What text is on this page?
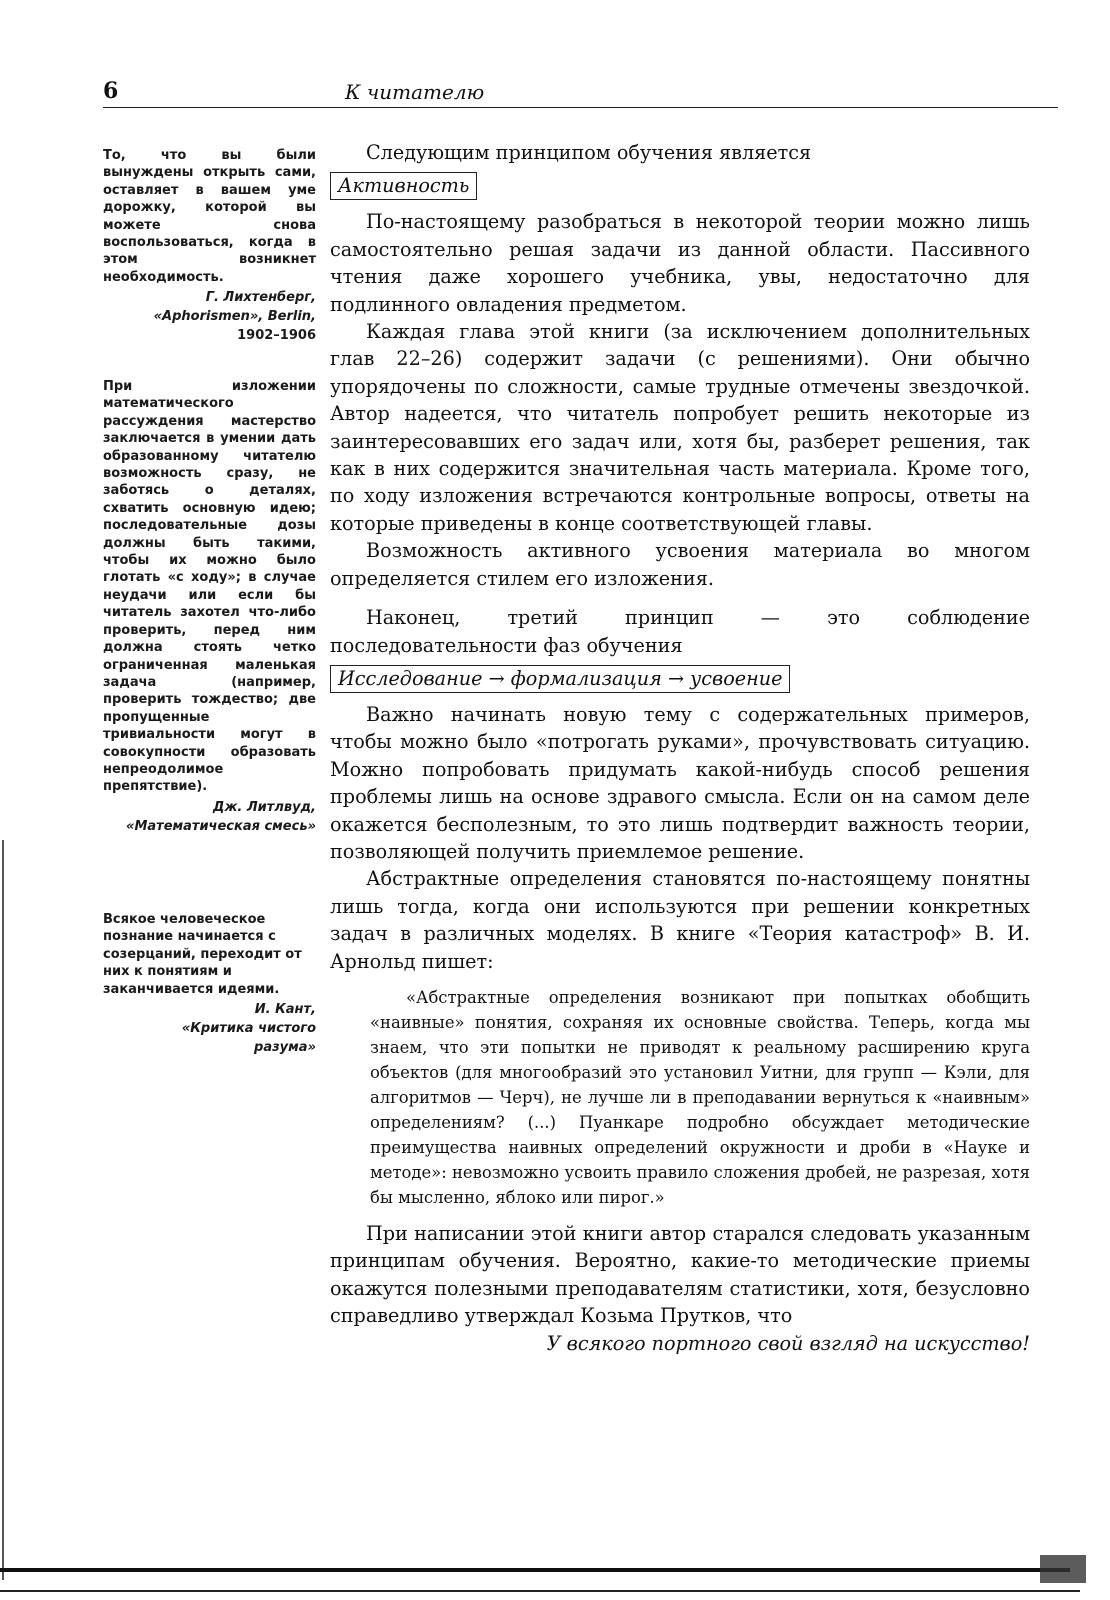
6	К читателю

То, что вы были вынуждены открыть сами, оставляет в вашем уме дорожку, которой вы можете снова воспользоваться, когда в этом возникнет необходимость.

Г. Лихтенберг,
«Aphorismen», Berlin,
1902–1906

При изложении математического рассуждения мастерство заключается в умении дать образованному читателю возможность сразу, не заботясь о деталях, схватить основную идею; последовательные дозы должны быть такими, чтобы их можно было глотать «с ходу»; в случае неудачи или если бы читатель захотел что-либо проверить, перед ним должна стоять четко ограниченная маленькая задача (например, проверить тождество; две пропущенные тривиальности могут в совокупности образовать непреодолимое препятствие).

Дж. Литлвуд,
«Математическая смесь»

Всякое человеческое познание начинается с созерцаний, переходит от них к понятиям и заканчивается идеями.

И. Кант,
«Критика чистого
разума»

Следующим принципом обучения является

Активность

По-настоящему разобраться в некоторой теории можно лишь самостоятельно решая задачи из данной области. Пассивного чтения даже хорошего учебника, увы, недостаточно для подлинного овладения предметом.

Каждая глава этой книги (за исключением дополнительных глав 22–26) содержит задачи (с решениями). Они обычно упорядочены по сложности, самые трудные отмечены звездочкой. Автор надеется, что читатель попробует решить некоторые из заинтересовавших его задач или, хотя бы, разберет решения, так как в них содержится значительная часть материала. Кроме того, по ходу изложения встречаются контрольные вопросы, ответы на которые приведены в конце соответствующей главы.

Возможность активного усвоения материала во многом определяется стилем его изложения.

Наконец, третий принцип — это соблюдение последовательности фаз обучения

Исследование → формализация → усвоение

Важно начинать новую тему с содержательных примеров, чтобы можно было «потрогать руками», прочувствовать ситуацию. Можно попробовать придумать какой-нибудь способ решения проблемы лишь на основе здравого смысла. Если он на самом деле окажется бесполезным, то это лишь подтвердит важность теории, позволяющей получить приемлемое решение.

Абстрактные определения становятся по-настоящему понятны лишь тогда, когда они используются при решении конкретных задач в различных моделях. В книге «Теория катастроф» В. И. Арнольд пишет:

«Абстрактные определения возникают при попытках обобщить «наивные» понятия, сохраняя их основные свойства. Теперь, когда мы знаем, что эти попытки не приводят к реальному расширению круга объектов (для многообразий это установил Уитни, для групп — Кэли, для алгоритмов — Черч), не лучше ли в преподавании вернуться к «наивным» определениям? (...) Пуанкаре подробно обсуждает методические преимущества наивных определений окружности и дроби в «Науке и методе»: невозможно усвоить правило сложения дробей, не разрезая, хотя бы мысленно, яблоко или пирог.»

При написании этой книги автор старался следовать указанным принципам обучения. Вероятно, какие-то методические приемы окажутся полезными преподавателям статистики, хотя, безусловно справедливо утверждал Козьма Прутков, что

У всякого портного свой взгляд на искусство!
